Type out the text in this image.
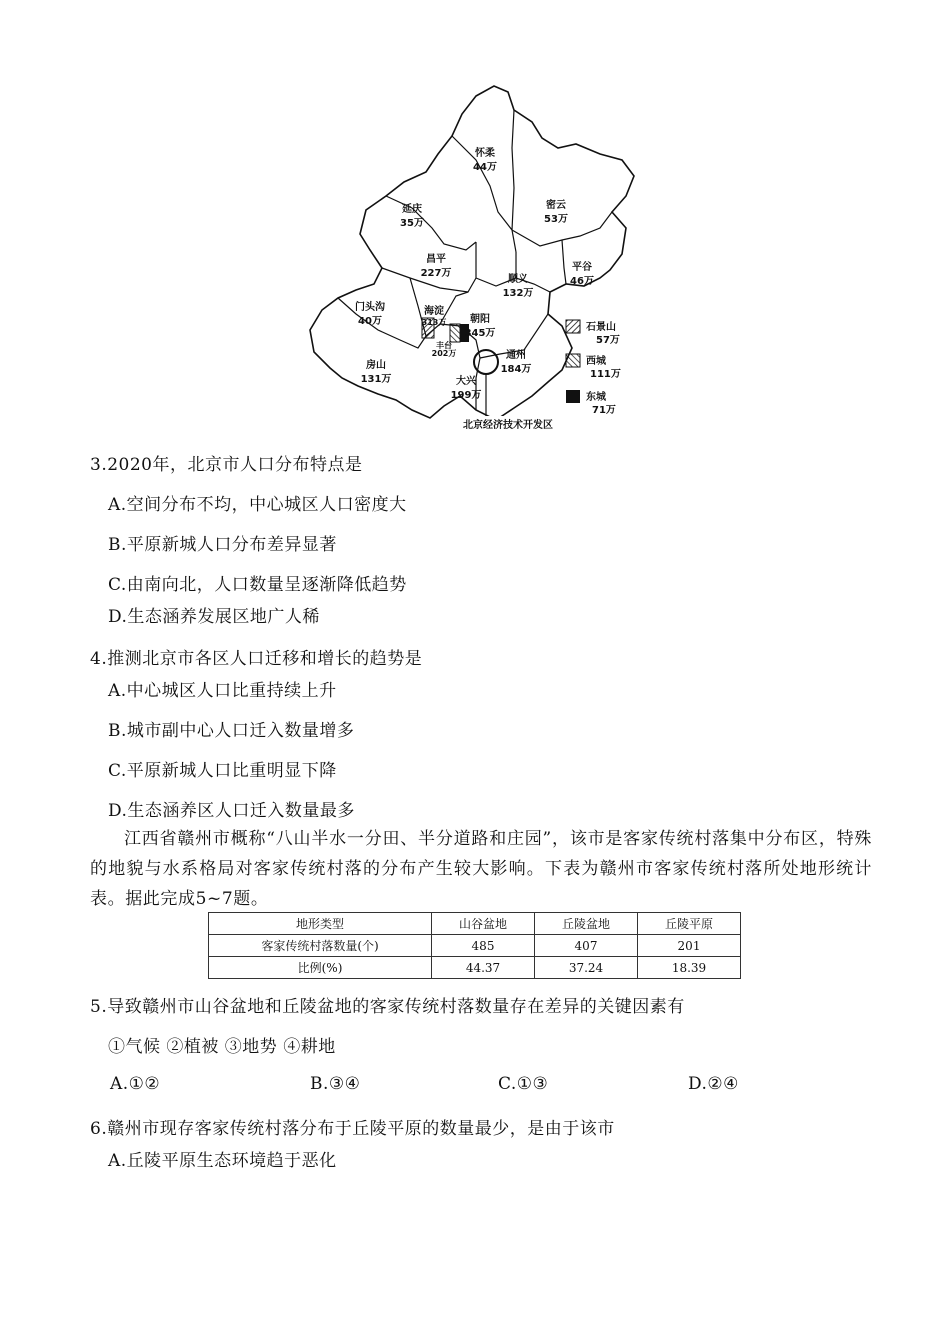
怀柔
44万
延庆
35万
密云
53万
昌平
227万
顺义
132万
平谷
46万
门头沟
40万
海淀
313万 朝阳
345万
丰台
202万
房山
131万
通州
184万
大兴
199万
石景山
57万
西城
111万
东城
71万
北京经济技术开发区
3.2020年，北京市人口分布特点是
A.空间分布不均，中心城区人口密度大
B.平原新城人口分布差异显著
C.由南向北，人口数量呈逐渐降低趋势
D.生态涵养发展区地广人稀
4.推测北京市各区人口迁移和增长的趋势是
A.中心城区人口比重持续上升
B.城市副中心人口迁入数量增多
C.平原新城人口比重明显下降
D.生态涵养区人口迁入数量最多
江西省赣州市概称“八山半水一分田、半分道路和庄园”，该市是客家传统村落集中分布区，特殊的地貌与水系格局对客家传统村落的分布产生较大影响。下表为赣州市客家传统村落所处地形统计表。据此完成5~7题。
地形类型	山谷盆地	丘陵盆地	丘陵平原
客家传统村落数量(个)	485	407	201
比例(%)	44.37	37.24	18.39
5.导致赣州市山谷盆地和丘陵盆地的客家传统村落数量存在差异的关键因素有
①气候 ②植被 ③地势 ④耕地
A.①②	B.③④	C.①③	D.②④
6.赣州市现存客家传统村落分布于丘陵平原的数量最少，是由于该市
A.丘陵平原生态环境趋于恶化
